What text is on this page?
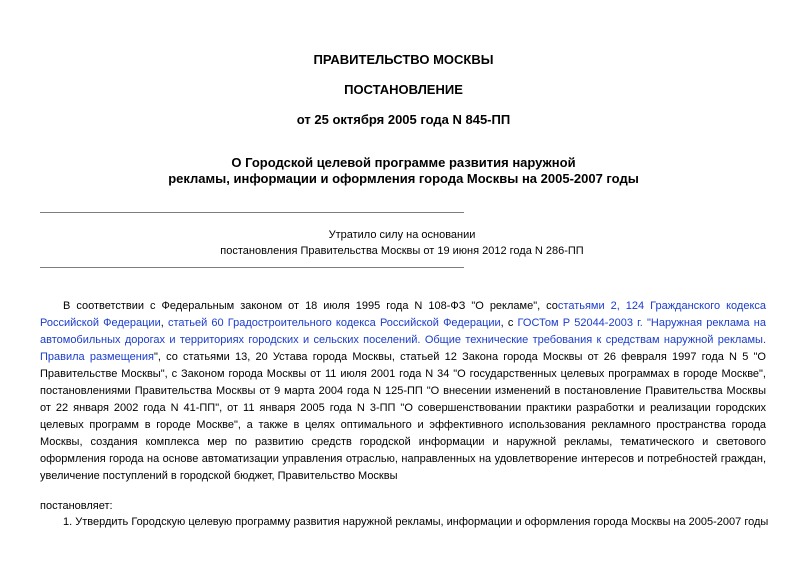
ПРАВИТЕЛЬСТВО МОСКВЫ
ПОСТАНОВЛЕНИЕ
от 25 октября 2005 года N 845-ПП
О Городской целевой программе развития наружной
рекламы, информации и оформления города Москвы на 2005-2007 годы
Утратило силу на основании
постановления Правительства Москвы от 19 июня 2012 года N 286-ПП

В соответствии с Федеральным законом от 18 июля 1995 года N 108-ФЗ "О рекламе", состатьями 2, 124 Гражданского кодекса Российской Федерации, статьей 60 Градостроительного кодекса Российской Федерации, с ГОСТом Р 52044-2003 г. "Наружная реклама на автомобильных дорогах и территориях городских и сельских поселений. Общие технические требования к средствам наружной рекламы. Правила размещения", со статьями 13, 20 Устава города Москвы, статьей 12 Закона города Москвы от 26 февраля 1997 года N 5 "О Правительстве Москвы", с Законом города Москвы от 11 июля 2001 года N 34 "О государственных целевых программах в городе Москве", постановлениями Правительства Москвы от 9 марта 2004 года N 125-ПП "О внесении изменений в постановление Правительства Москвы от 22 января 2002 года N 41-ПП", от 11 января 2005 года N 3-ПП "О совершенствовании практики разработки и реализации городских целевых программ в городе Москве", а также в целях оптимального и эффективного использования рекламного пространства города Москвы, создания комплекса мер по развитию средств городской информации и наружной рекламы, тематического и светового оформления города на основе автоматизации управления отраслью, направленных на удовлетворение интересов и потребностей граждан, увеличение поступлений в городской бюджет, Правительство Москвы

постановляет:
1. Утвердить Городскую целевую программу развития наружной рекламы, информации и оформления города Москвы на 2005-2007 годы
